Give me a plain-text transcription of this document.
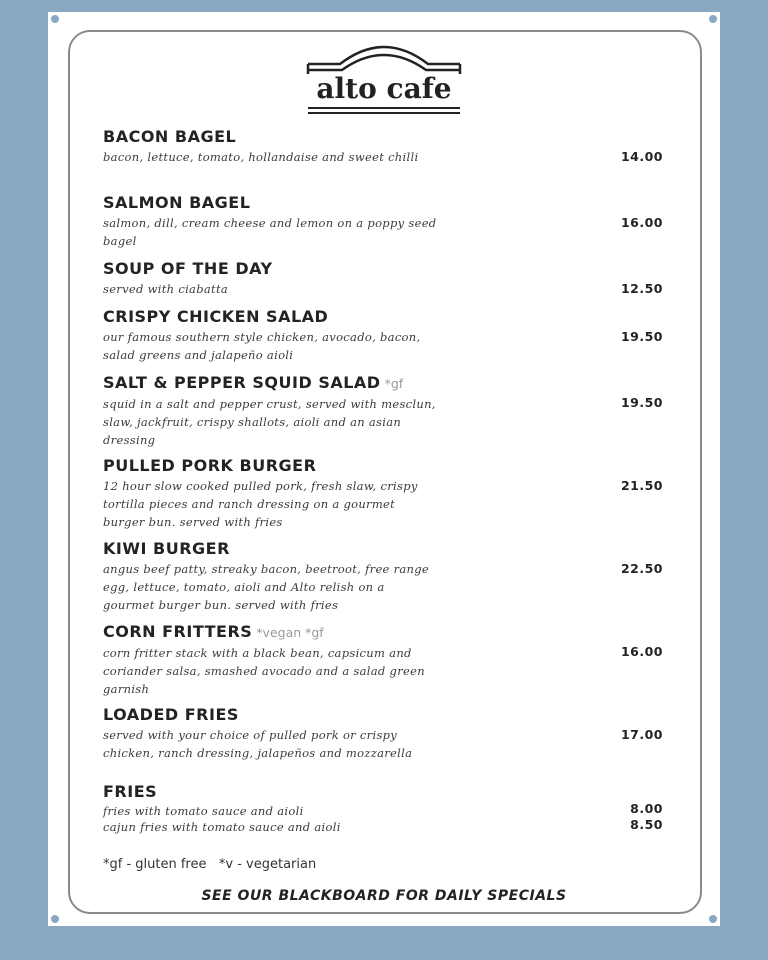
alto cafe
BACON BAGEL
bacon, lettuce, tomato, hollandaise and sweet chilli	14.00
SALMON BAGEL
salmon, dill, cream cheese and lemon on a poppy seed bagel
16.00
SOUP OF THE DAY
served with ciabatta	12.50
CRISPY CHICKEN SALAD
our famous southern style chicken, avocado, bacon, salad greens and jalapeño aioli
19.50
SALT & PEPPER SQUID SALAD *gf
squid in a salt and pepper crust, served with mesclun, slaw, jackfruit, crispy shallots, aioli and an asian dressing
19.50
PULLED PORK BURGER
12 hour slow cooked pulled pork, fresh slaw, crispy tortilla pieces and ranch dressing on a gourmet burger bun. served with fries
21.50
KIWI BURGER
angus beef patty, streaky bacon, beetroot, free range egg, lettuce, tomato, aioli and Alto relish on a gourmet burger bun. served with fries
22.50
CORN FRITTERS *vegan *gf
corn fritter stack with a black bean, capsicum and coriander salsa, smashed avocado and a salad green garnish
16.00
LOADED FRIES
served with your choice of pulled pork or crispy chicken, ranch dressing, jalapeños and mozzarella
17.00
FRIES
fries with tomato sauce and aioli
cajun fries with tomato sauce and aioli
8.00
8.50
*gf - gluten free   *v - vegetarian
SEE OUR BLACKBOARD FOR DAILY SPECIALS
